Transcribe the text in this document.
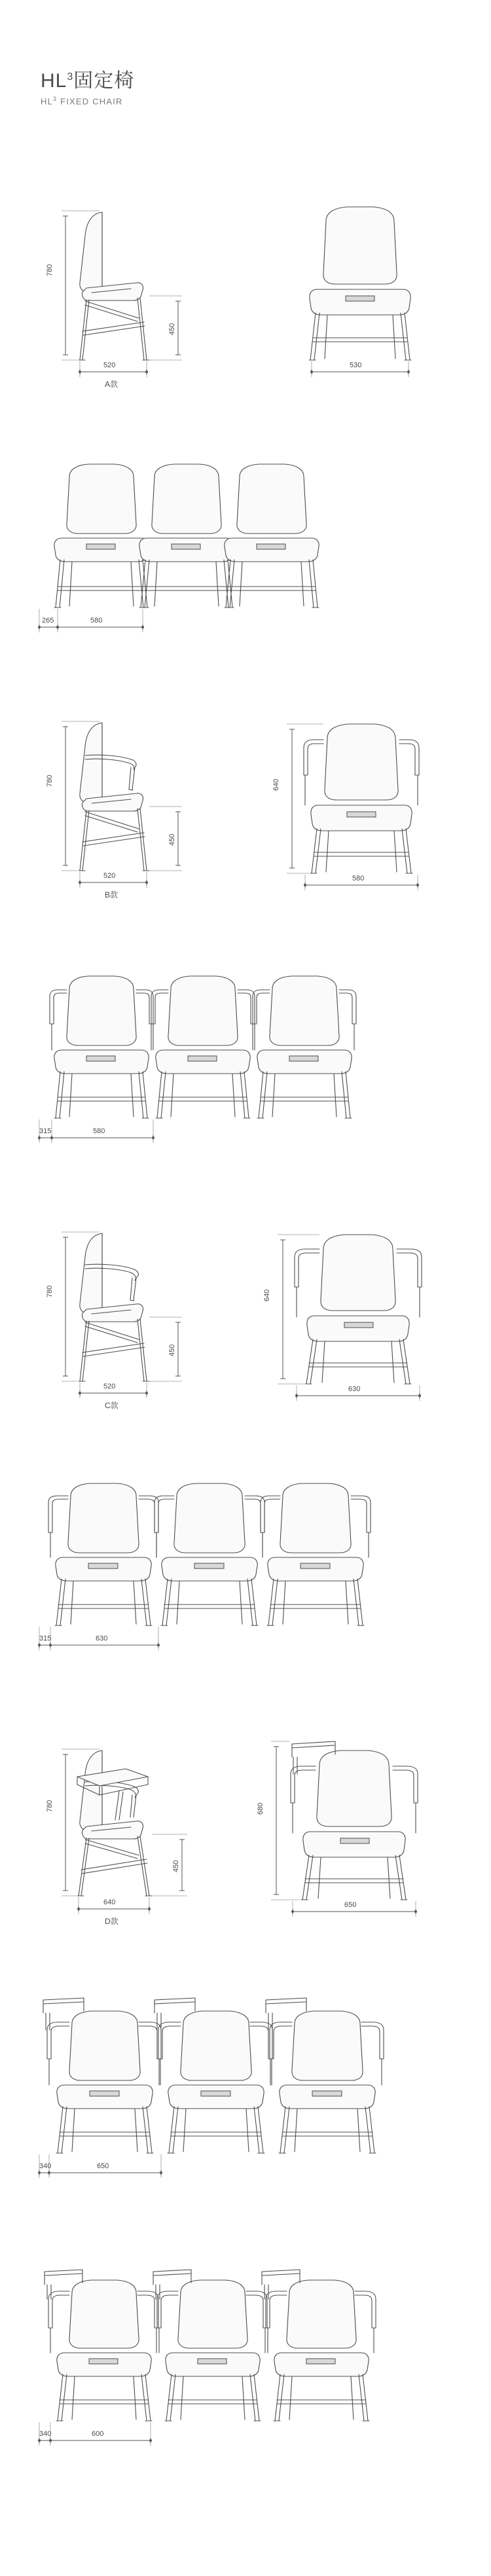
$HL^3$固定椅
$HL^3$ FIXED CHAIR
780
450
520
A款
530
265	580
780
450
520
B款
640
580
315	580
780
450
520
C款
640
630
315	630
780
450
640
D款
680
650
340	650
340	600
